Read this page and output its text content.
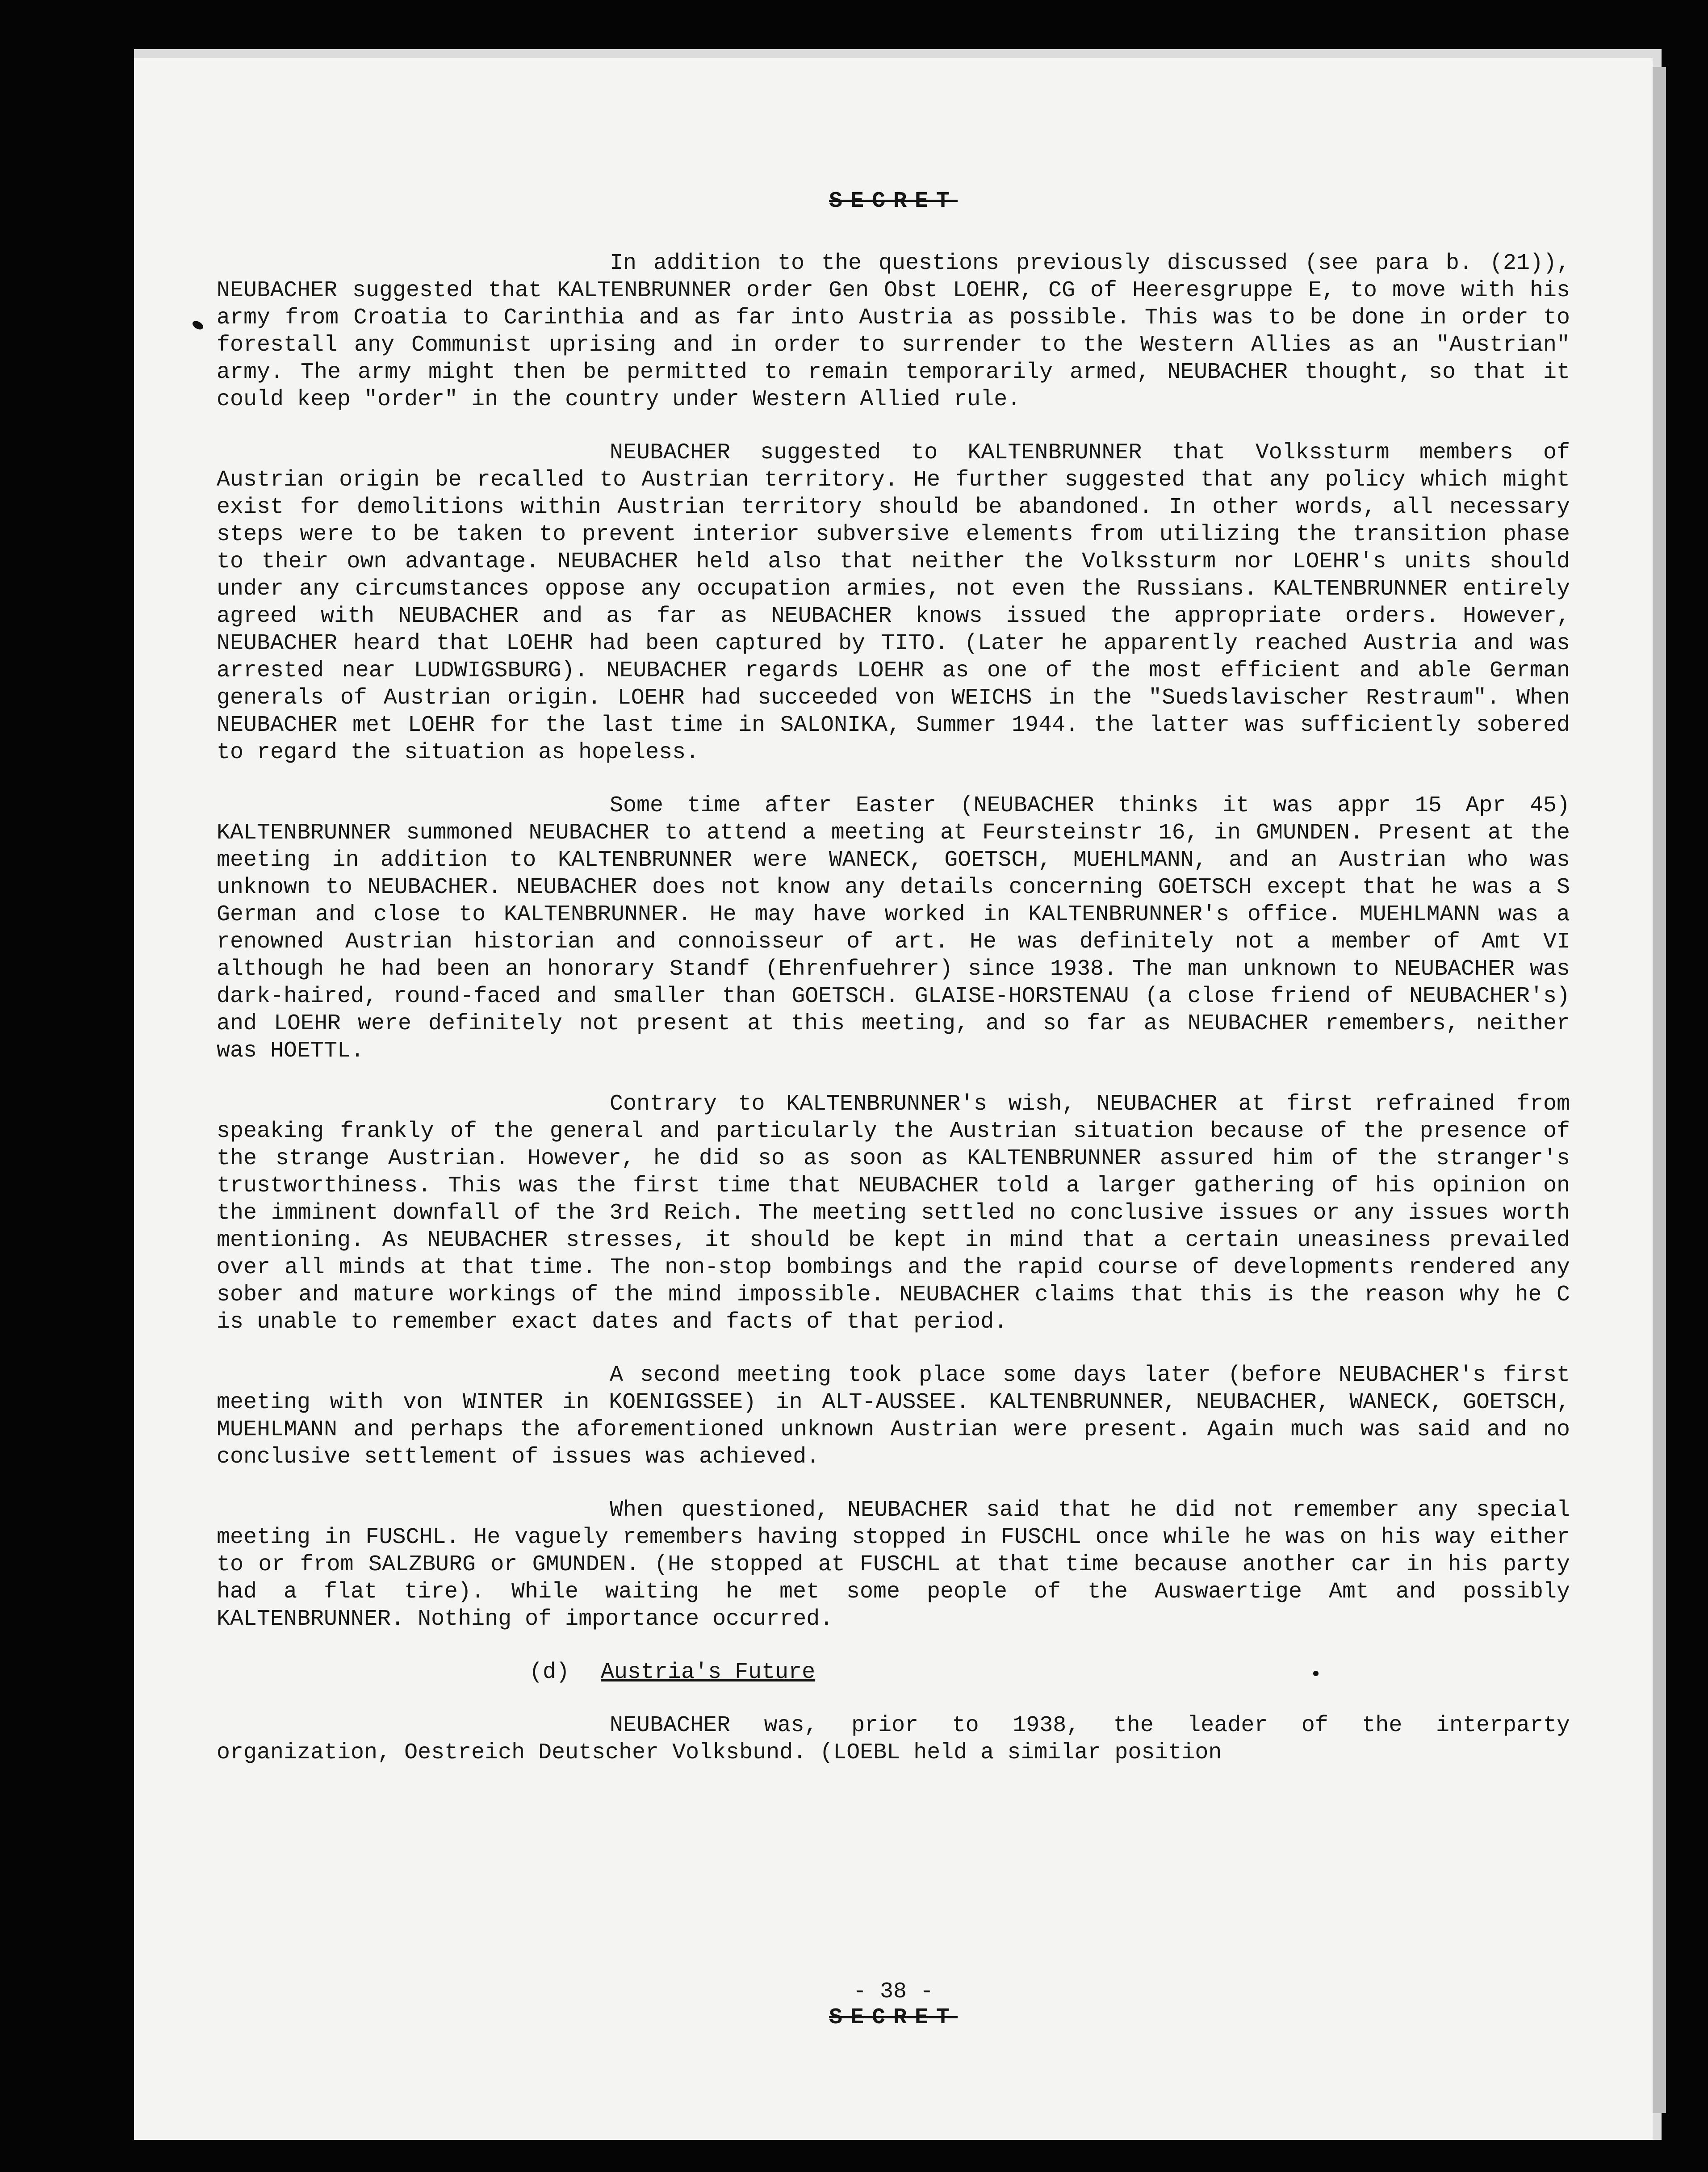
SECRET

In addition to the questions previously discussed (see para b. (21)), NEUBACHER suggested that KALTENBRUNNER order Gen Obst LOEHR, CG of Heeresgruppe E, to move with his army from Croatia to Carinthia and as far into Austria as possible. This was to be done in order to forestall any Communist uprising and in order to surrender to the Western Allies as an "Austrian" army. The army might then be permitted to remain temporarily armed, NEUBACHER thought, so that it could keep "order" in the country under Western Allied rule.

NEUBACHER suggested to KALTENBRUNNER that Volkssturm members of Austrian origin be recalled to Austrian territory. He further suggested that any policy which might exist for demolitions within Austrian territory should be abandoned. In other words, all necessary steps were to be taken to prevent interior subversive elements from utilizing the transition phase to their own advantage. NEUBACHER held also that neither the Volkssturm nor LOEHR's units should under any circumstances oppose any occupation armies, not even the Russians. KALTENBRUNNER entirely agreed with NEUBACHER and as far as NEUBACHER knows issued the appropriate orders. However, NEUBACHER heard that LOEHR had been captured by TITO. (Later he apparently reached Austria and was arrested near LUDWIGSBURG). NEUBACHER regards LOEHR as one of the most efficient and able German generals of Austrian origin. LOEHR had succeeded von WEICHS in the "Suedslavischer Restraum". When NEUBACHER met LOEHR for the last time in SALONIKA, Summer 1944. the latter was sufficiently sobered to regard the situation as hopeless.

Some time after Easter (NEUBACHER thinks it was appr 15 Apr 45) KALTENBRUNNER summoned NEUBACHER to attend a meeting at Feursteinstr 16, in GMUNDEN. Present at the meeting in addition to KALTENBRUNNER were WANECK, GOETSCH, MUEHLMANN, and an Austrian who was unknown to NEUBACHER. NEUBACHER does not know any details concerning GOETSCH except that he was a S German and close to KALTENBRUNNER. He may have worked in KALTENBRUNNER's office. MUEHLMANN was a renowned Austrian historian and connoisseur of art. He was definitely not a member of Amt VI although he had been an honorary Standf (Ehrenfuehrer) since 1938. The man unknown to NEUBACHER was dark-haired, round-faced and smaller than GOETSCH. GLAISE-HORSTENAU (a close friend of NEUBACHER's) and LOEHR were definitely not present at this meeting, and so far as NEUBACHER remembers, neither was HOETTL.

Contrary to KALTENBRUNNER's wish, NEUBACHER at first refrained from speaking frankly of the general and particularly the Austrian situation because of the presence of the strange Austrian. However, he did so as soon as KALTENBRUNNER assured him of the stranger's trustworthiness. This was the first time that NEUBACHER told a larger gathering of his opinion on the imminent downfall of the 3rd Reich. The meeting settled no conclusive issues or any issues worth mentioning. As NEUBACHER stresses, it should be kept in mind that a certain uneasiness prevailed over all minds at that time. The non-stop bombings and the rapid course of developments rendered any sober and mature workings of the mind impossible. NEUBACHER claims that this is the reason why he C is unable to remember exact dates and facts of that period.

A second meeting took place some days later (before NEUBACHER's first meeting with von WINTER in KOENIGSSEE) in ALT-AUSSEE. KALTENBRUNNER, NEUBACHER, WANECK, GOETSCH, MUEHLMANN and perhaps the aforementioned unknown Austrian were present. Again much was said and no conclusive settlement of issues was achieved.

When questioned, NEUBACHER said that he did not remember any special meeting in FUSCHL. He vaguely remembers having stopped in FUSCHL once while he was on his way either to or from SALZBURG or GMUNDEN. (He stopped at FUSCHL at that time because another car in his party had a flat tire). While waiting he met some people of the Auswaertige Amt and possibly KALTENBRUNNER. Nothing of importance occurred.

(d) Austria's Future

NEUBACHER was, prior to 1938, the leader of the interparty organization, Oestreich Deutscher Volksbund. (LOEBL held a similar position

- 38 -
SECRET
